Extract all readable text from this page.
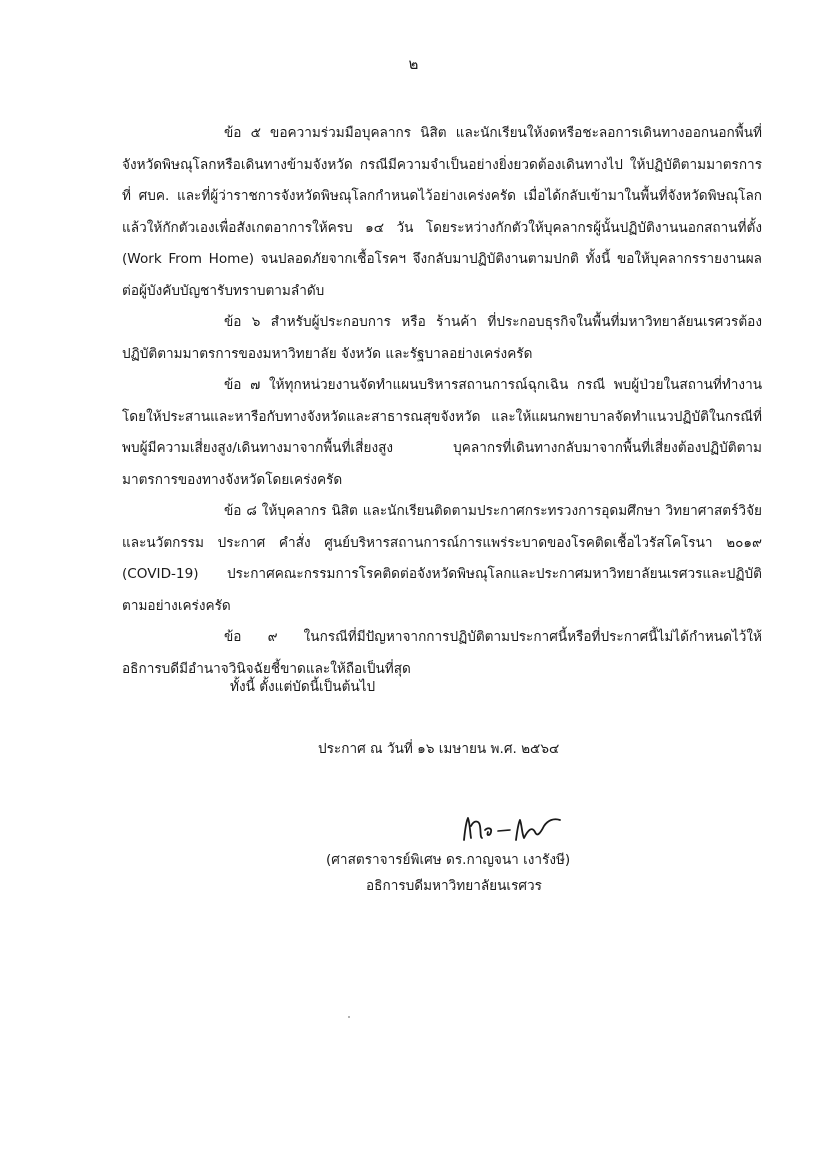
๒

ข้อ ๕ ขอความร่วมมือบุคลากร นิสิต และนักเรียนให้งดหรือชะลอการเดินทางออกนอกพื้นที่จังหวัดพิษณุโลกหรือเดินทางข้ามจังหวัด กรณีมีความจำเป็นอย่างยิ่งยวดต้องเดินทางไป ให้ปฏิบัติตามมาตรการที่ ศบค. และที่ผู้ว่าราชการจังหวัดพิษณุโลกกำหนดไว้อย่างเคร่งครัด เมื่อได้กลับเข้ามาในพื้นที่จังหวัดพิษณุโลกแล้วให้กักตัวเองเพื่อสังเกตอาการให้ครบ ๑๔ วัน โดยระหว่างกักตัวให้บุคลากรผู้นั้นปฏิบัติงานนอกสถานที่ตั้ง (Work From Home) จนปลอดภัยจากเชื้อโรคฯ จึงกลับมาปฏิบัติงานตามปกติ ทั้งนี้ ขอให้บุคลากรรายงานผลต่อผู้บังคับบัญชารับทราบตามลำดับ

ข้อ ๖ สำหรับผู้ประกอบการ หรือ ร้านค้า ที่ประกอบธุรกิจในพื้นที่มหาวิทยาลัยนเรศวรต้องปฏิบัติตามมาตรการของมหาวิทยาลัย จังหวัด และรัฐบาลอย่างเคร่งครัด

ข้อ ๗ ให้ทุกหน่วยงานจัดทำแผนบริหารสถานการณ์ฉุกเฉิน กรณี พบผู้ป่วยในสถานที่ทำงานโดยให้ประสานและหารือกับทางจังหวัดและสาธารณสุขจังหวัด และให้แผนกพยาบาลจัดทำแนวปฏิบัติในกรณีที่พบผู้มีความเสี่ยงสูง/เดินทางมาจากพื้นที่เสี่ยงสูง บุคลากรที่เดินทางกลับมาจากพื้นที่เสี่ยงต้องปฏิบัติตามมาตรการของทางจังหวัดโดยเคร่งครัด

ข้อ ๘ ให้บุคลากร นิสิต และนักเรียนติดตามประกาศกระทรวงการอุดมศึกษา วิทยาศาสตร์วิจัยและนวัตกรรม ประกาศ คำสั่ง ศูนย์บริหารสถานการณ์การแพร่ระบาดของโรคติดเชื้อไวรัสโคโรนา ๒๐๑๙ (COVID-19) ประกาศคณะกรรมการโรคติดต่อจังหวัดพิษณุโลกและประกาศมหาวิทยาลัยนเรศวรและปฏิบัติตามอย่างเคร่งครัด

ข้อ ๙ ในกรณีที่มีปัญหาจากการปฏิบัติตามประกาศนี้หรือที่ประกาศนี้ไม่ได้กำหนดไว้ให้อธิการบดีมีอำนาจวินิจฉัยชี้ขาดและให้ถือเป็นที่สุด

ทั้งนี้ ตั้งแต่บัดนี้เป็นต้นไป
ประกาศ ณ วันที่ ๑๖ เมษายน พ.ศ. ๒๕๖๔
(ศาสตราจารย์พิเศษ ดร.กาญจนา เงารังษี)
อธิการบดีมหาวิทยาลัยนเรศวร
